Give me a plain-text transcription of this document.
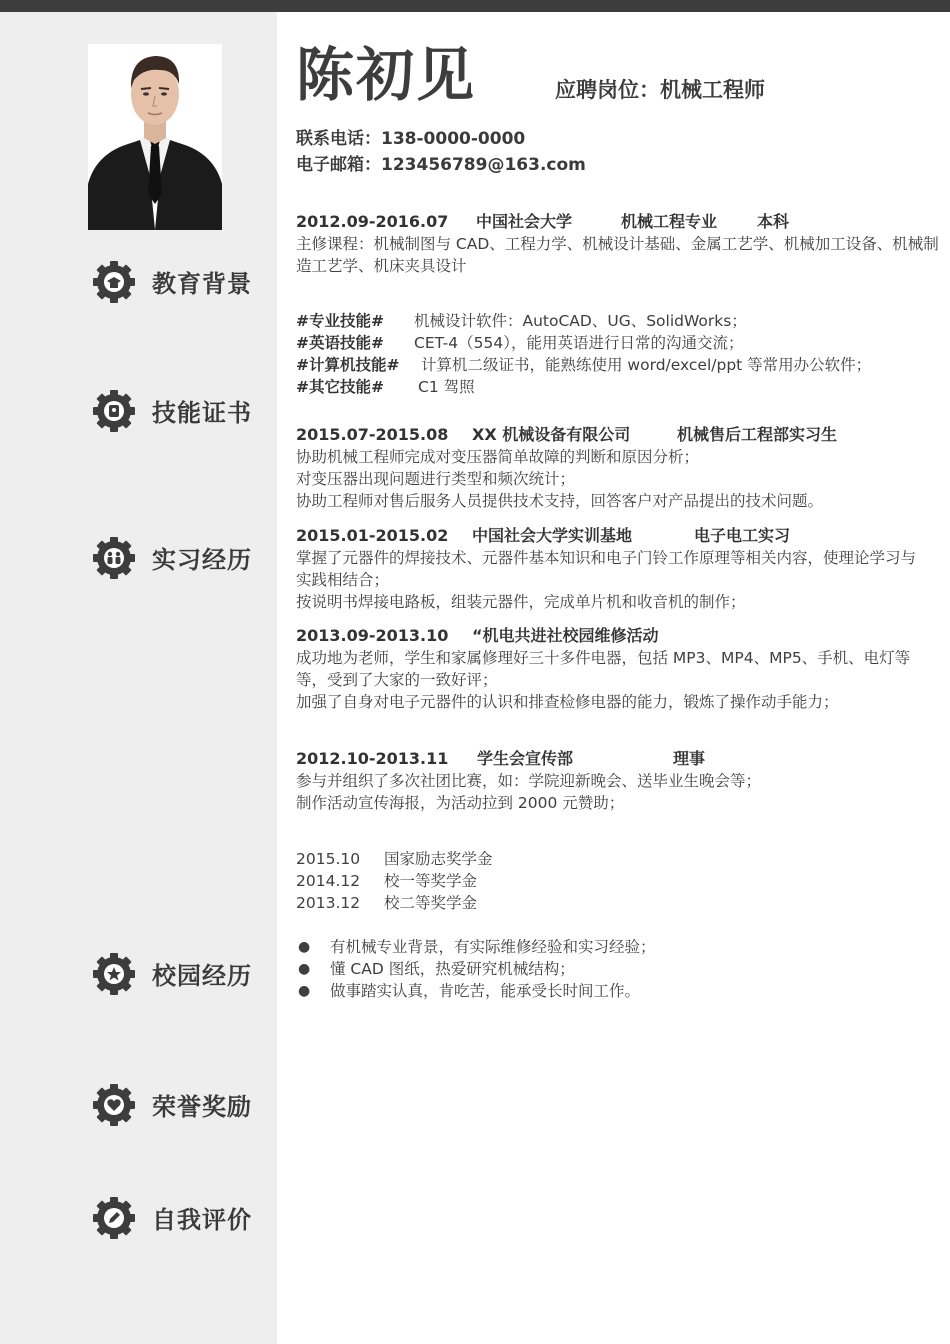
教育背景
技能证书
实习经历
校园经历
荣誉奖励
自我评价
陈初见	应聘岗位：机械工程师
联系电话：138-0000-0000
电子邮箱：123456789@163.com
2012.09-2016.07	中国社会大学	机械工程专业	本科
主修课程：机械制图与 CAD、工程力学、机械设计基础、金属工艺学、机械加工设备、机械制造工艺学、机床夹具设计
#专业技能#	机械设计软件：AutoCAD、UG、SolidWorks；
#英语技能#	CET-4（554），能用英语进行日常的沟通交流；
#计算机技能#	计算机二级证书，能熟练使用 word/excel/ppt 等常用办公软件；
#其它技能#	C1 驾照
2015.07-2015.08	XX 机械设备有限公司	机械售后工程部实习生
协助机械工程师完成对变压器简单故障的判断和原因分析；
对变压器出现问题进行类型和频次统计；
协助工程师对售后服务人员提供技术支持，回答客户对产品提出的技术问题。
2015.01-2015.02	中国社会大学实训基地	电子电工实习
掌握了元器件的焊接技术、元器件基本知识和电子门铃工作原理等相关内容，使理论学习与实践相结合；
按说明书焊接电路板，组装元器件，完成单片机和收音机的制作；
2013.09-2013.10	“机电共进社校园维修活动
成功地为老师，学生和家属修理好三十多件电器，包括 MP3、MP4、MP5、手机、电灯等等，受到了大家的一致好评；
加强了自身对电子元器件的认识和排查检修电器的能力，锻炼了操作动手能力；
2012.10-2013.11	学生会宣传部	理事
参与并组织了多次社团比赛，如：学院迎新晚会、送毕业生晚会等；
制作活动宣传海报，为活动拉到 2000 元赞助；
2015.10	国家励志奖学金
2014.12	校一等奖学金
2013.12	校二等奖学金
●	有机械专业背景，有实际维修经验和实习经验；
●	懂 CAD 图纸，热爱研究机械结构；
●	做事踏实认真，肯吃苦，能承受长时间工作。
